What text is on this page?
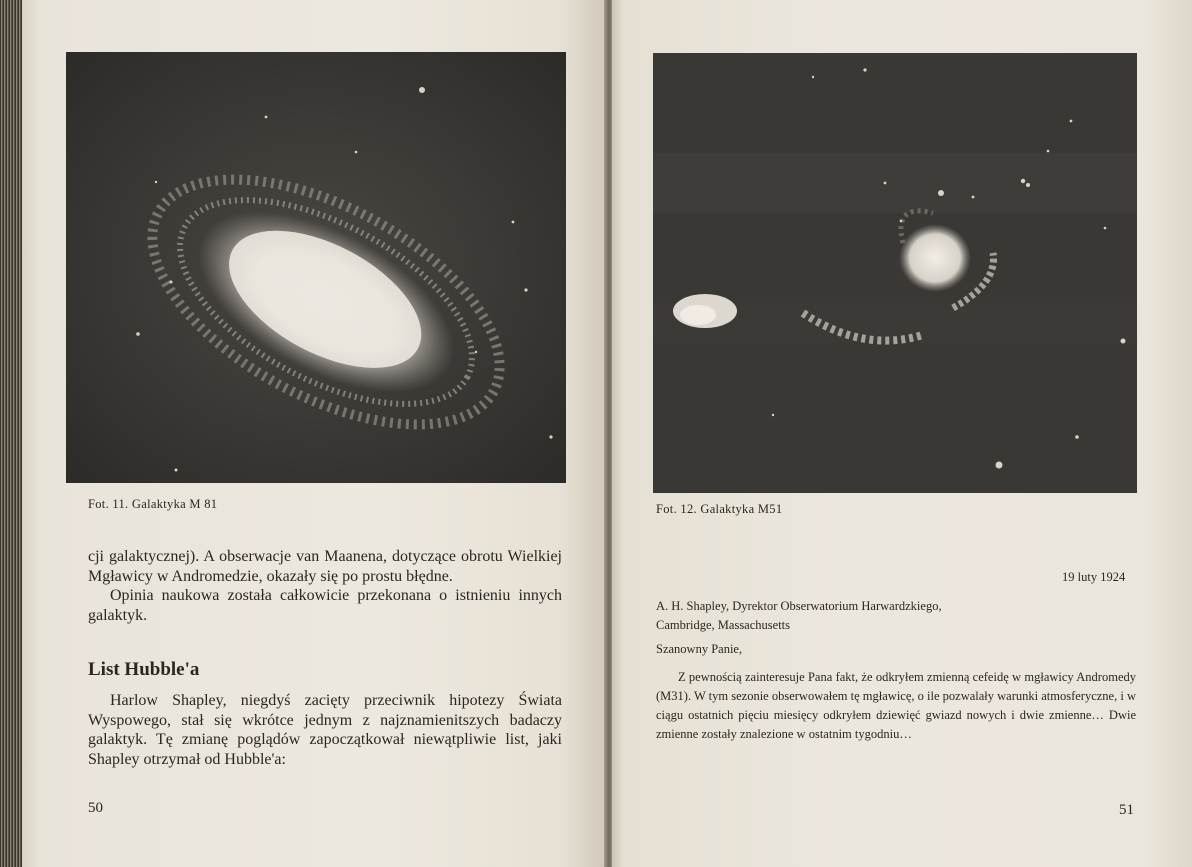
Fot. 11. Galaktyka M 81

cji galaktycznej). A obserwacje van Maanena, dotyczące obrotu Wielkiej Mgławicy w Andromedzie, okazały się po prostu błędne.

Opinia naukowa została całkowicie przekonana o istnieniu innych galaktyk.

List Hubble'a

Harlow Shapley, niegdyś zacięty przeciwnik hipotezy Świata Wyspowego, stał się wkrótce jednym z najznamienitszych badaczy galaktyk. Tę zmianę poglądów zapoczątkował niewątpliwie list, jaki Shapley otrzymał od Hubble'a:

50
Fot. 12. Galaktyka M51
19 luty 1924
A. H. Shapley, Dyrektor Obserwatorium Harwardzkiego,
Cambridge, Massachusetts
Szanowny Panie,

Z pewnością zainteresuje Pana fakt, że odkryłem zmienną cefeidę w mgławicy Andromedy (M31). W tym sezonie obserwowałem tę mgławicę, o ile pozwalały warunki atmosferyczne, i w ciągu ostatnich pięciu miesięcy odkryłem dziewięć gwiazd nowych i dwie zmienne… Dwie zmienne zostały znalezione w ostatnim tygodniu…

51
